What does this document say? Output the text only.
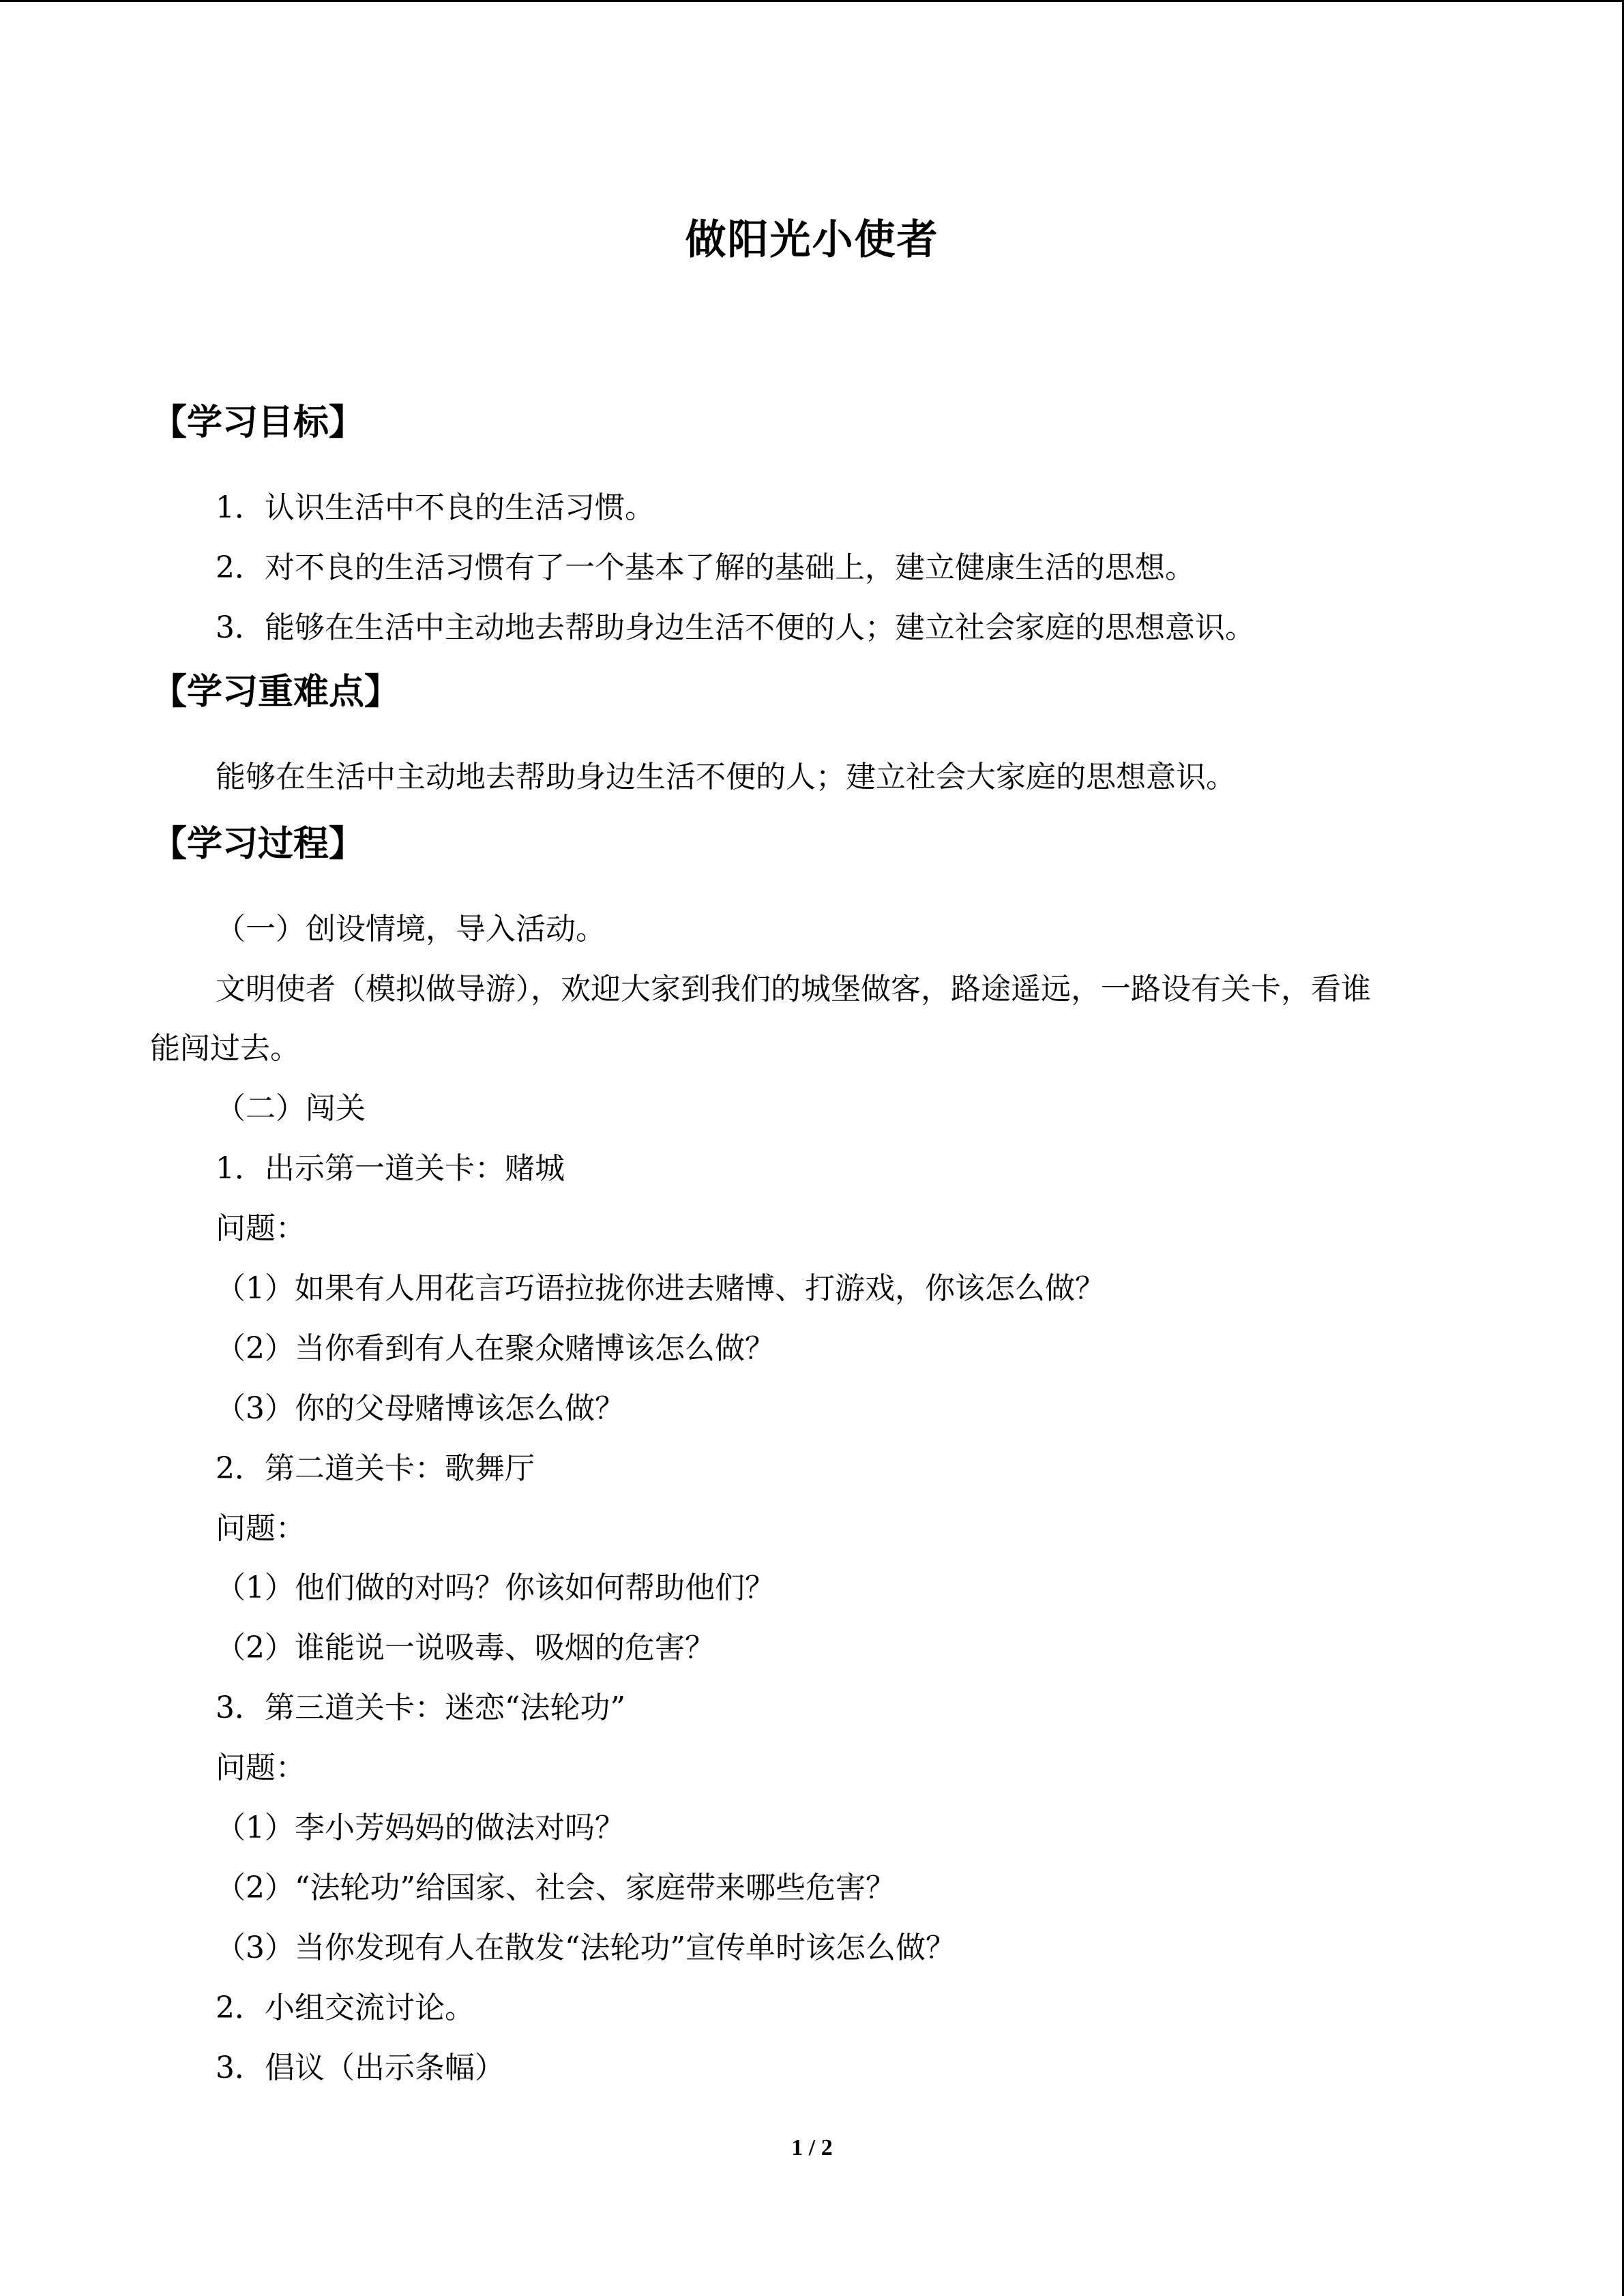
做阳光小使者
【学习目标】
1．认识生活中不良的生活习惯。
2．对不良的生活习惯有了一个基本了解的基础上，建立健康生活的思想。
3．能够在生活中主动地去帮助身边生活不便的人；建立社会家庭的思想意识。
【学习重难点】
能够在生活中主动地去帮助身边生活不便的人；建立社会大家庭的思想意识。
【学习过程】
（一）创设情境，导入活动。
文明使者（模拟做导游），欢迎大家到我们的城堡做客，路途遥远，一路设有关卡，看谁
能闯过去。
（二）闯关
1．出示第一道关卡：赌城
问题：
（1）如果有人用花言巧语拉拢你进去赌博、打游戏，你该怎么做？
（2）当你看到有人在聚众赌博该怎么做？
（3）你的父母赌博该怎么做？
2．第二道关卡：歌舞厅
问题：
（1）他们做的对吗？你该如何帮助他们？
（2）谁能说一说吸毒、吸烟的危害？
3．第三道关卡：迷恋“法轮功”
问题：
（1）李小芳妈妈的做法对吗？
（2）“法轮功”给国家、社会、家庭带来哪些危害？
（3）当你发现有人在散发“法轮功”宣传单时该怎么做？
2．小组交流讨论。
3．倡议（出示条幅）
1 / 2
